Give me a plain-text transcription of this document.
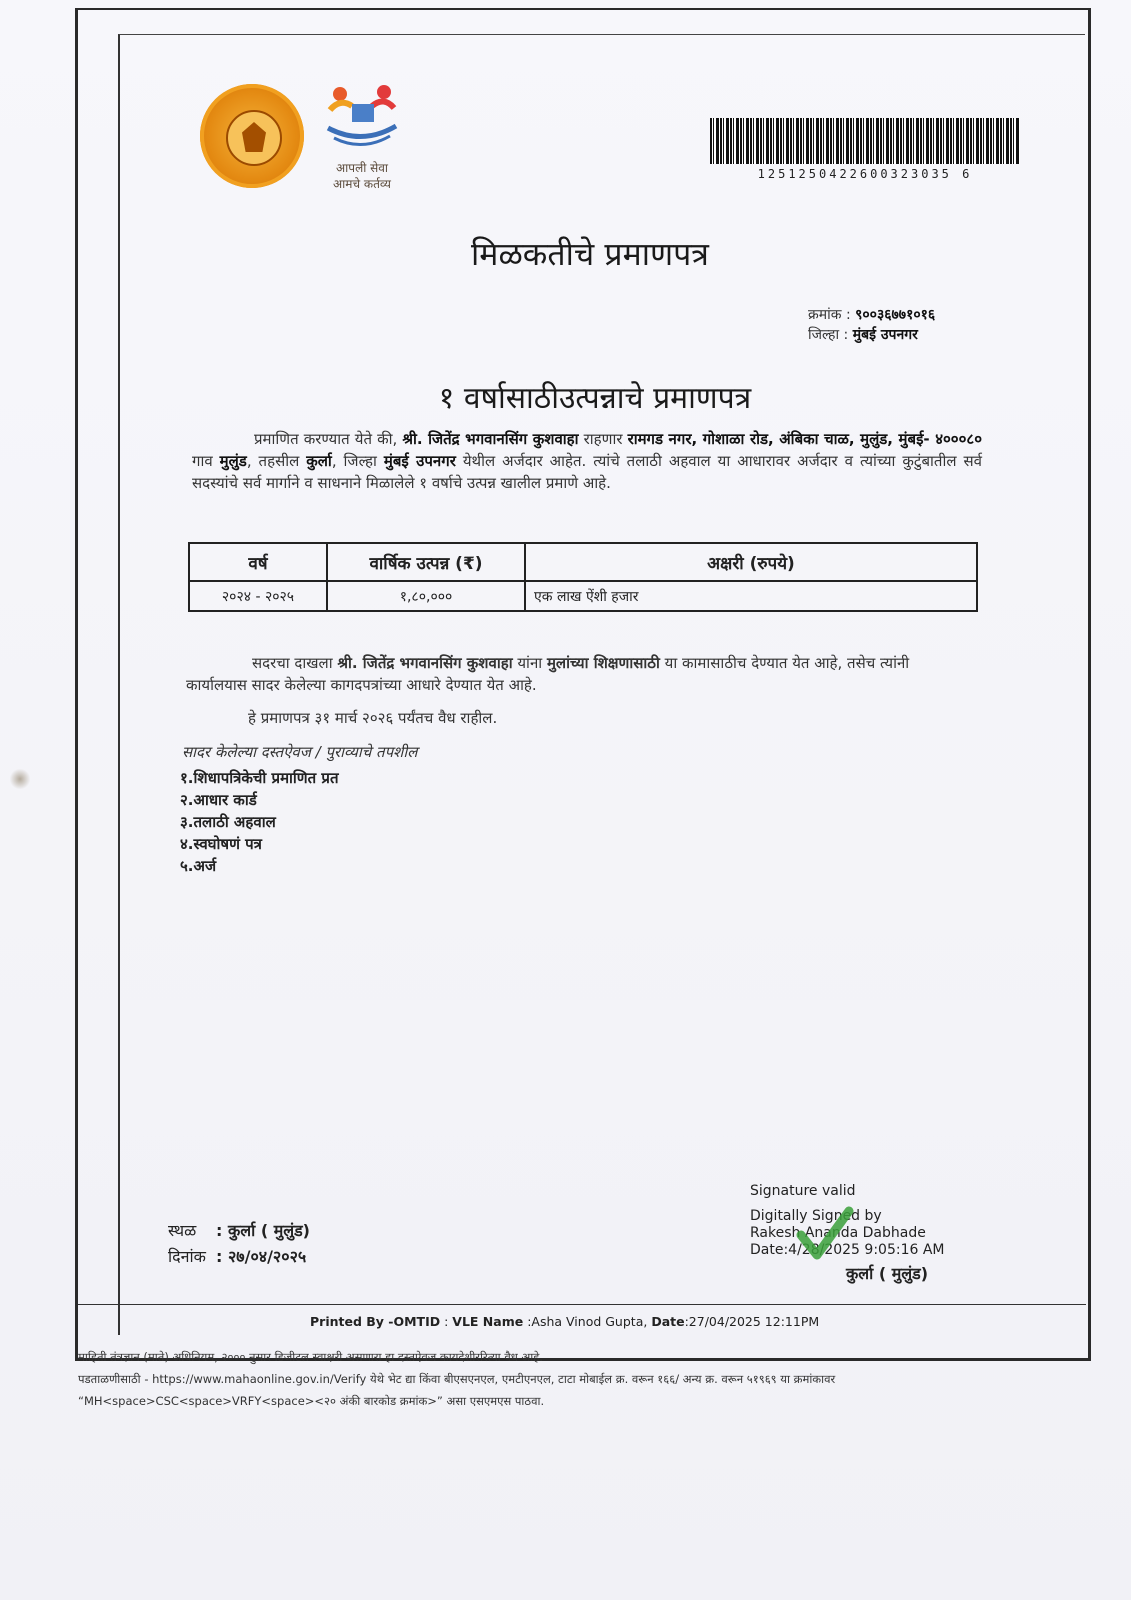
आपली सेवा
आमचे कर्तव्य
1251250422600323035 6
मिळकतीचे प्रमाणपत्र
क्रमांक : ९००३६७७१०१६
जिल्हा : मुंबई उपनगर
१ वर्षासाठीउत्पन्नाचे प्रमाणपत्र
प्रमाणित करण्यात येते की, श्री. जितेंद्र भगवानसिंग कुशवाहा राहणार रामगड नगर, गोशाळा रोड, अंबिका चाळ, मुलुंड, मुंबई- ४०००८० गाव मुलुंड, तहसील कुर्ला, जिल्हा मुंबई उपनगर येथील अर्जदार आहेत. त्यांचे तलाठी अहवाल या आधारावर अर्जदार व त्यांच्या कुटुंबातील सर्व सदस्यांचे सर्व मार्गाने व साधनाने मिळालेले १ वर्षाचे उत्पन्न खालील प्रमाणे आहे.
वर्ष	वार्षिक उत्पन्न (₹)	अक्षरी (रुपये)
२०२४ - २०२५	१,८०,०००	एक लाख ऐंशी हजार
सदरचा दाखला श्री. जितेंद्र भगवानसिंग कुशवाहा यांना मुलांच्या शिक्षणासाठी या कामासाठीच देण्यात येत आहे, तसेच त्यांनी कार्यालयास सादर केलेल्या कागदपत्रांच्या आधारे देण्यात येत आहे.
हे प्रमाणपत्र ३१ मार्च २०२६ पर्यंतच वैध राहील.
सादर केलेल्या दस्तऐवज / पुराव्याचे तपशील
१.शिधापत्रिकेची प्रमाणित प्रत
२.आधार कार्ड
३.तलाठी अहवाल
४.स्वघोषणं पत्र
५.अर्ज
स्थळ : कुर्ला ( मुलुंड)
दिनांक : २७/०४/२०२५
Signature valid
Digitally Signed by
Rakesh Ananda Dabhade
Date:4/28/2025 9:05:16 AM
कुर्ला ( मुलुंड)
Printed By -OMTID : VLE Name :Asha Vinod Gupta, Date:27/04/2025 12:11PM
माहिती तंत्रज्ञान (माते) अधिनियम, २००० नुसार डिजीटल स्वाक्षरी असणारा हा दस्तऐवज कायदेशीररित्या वैध आहे.
पडताळणीसाठी - https://www.mahaonline.gov.in/Verify येथे भेट द्या किंवा बीएसएनएल, एमटीएनएल, टाटा मोबाईल क्र. वरून १६६/ अन्य क्र. वरून ५१९६९ या क्रमांकावर
“MH<space>CSC<space>VRFY<space><२० अंकी बारकोड क्रमांक>” असा एसएमएस पाठवा.
